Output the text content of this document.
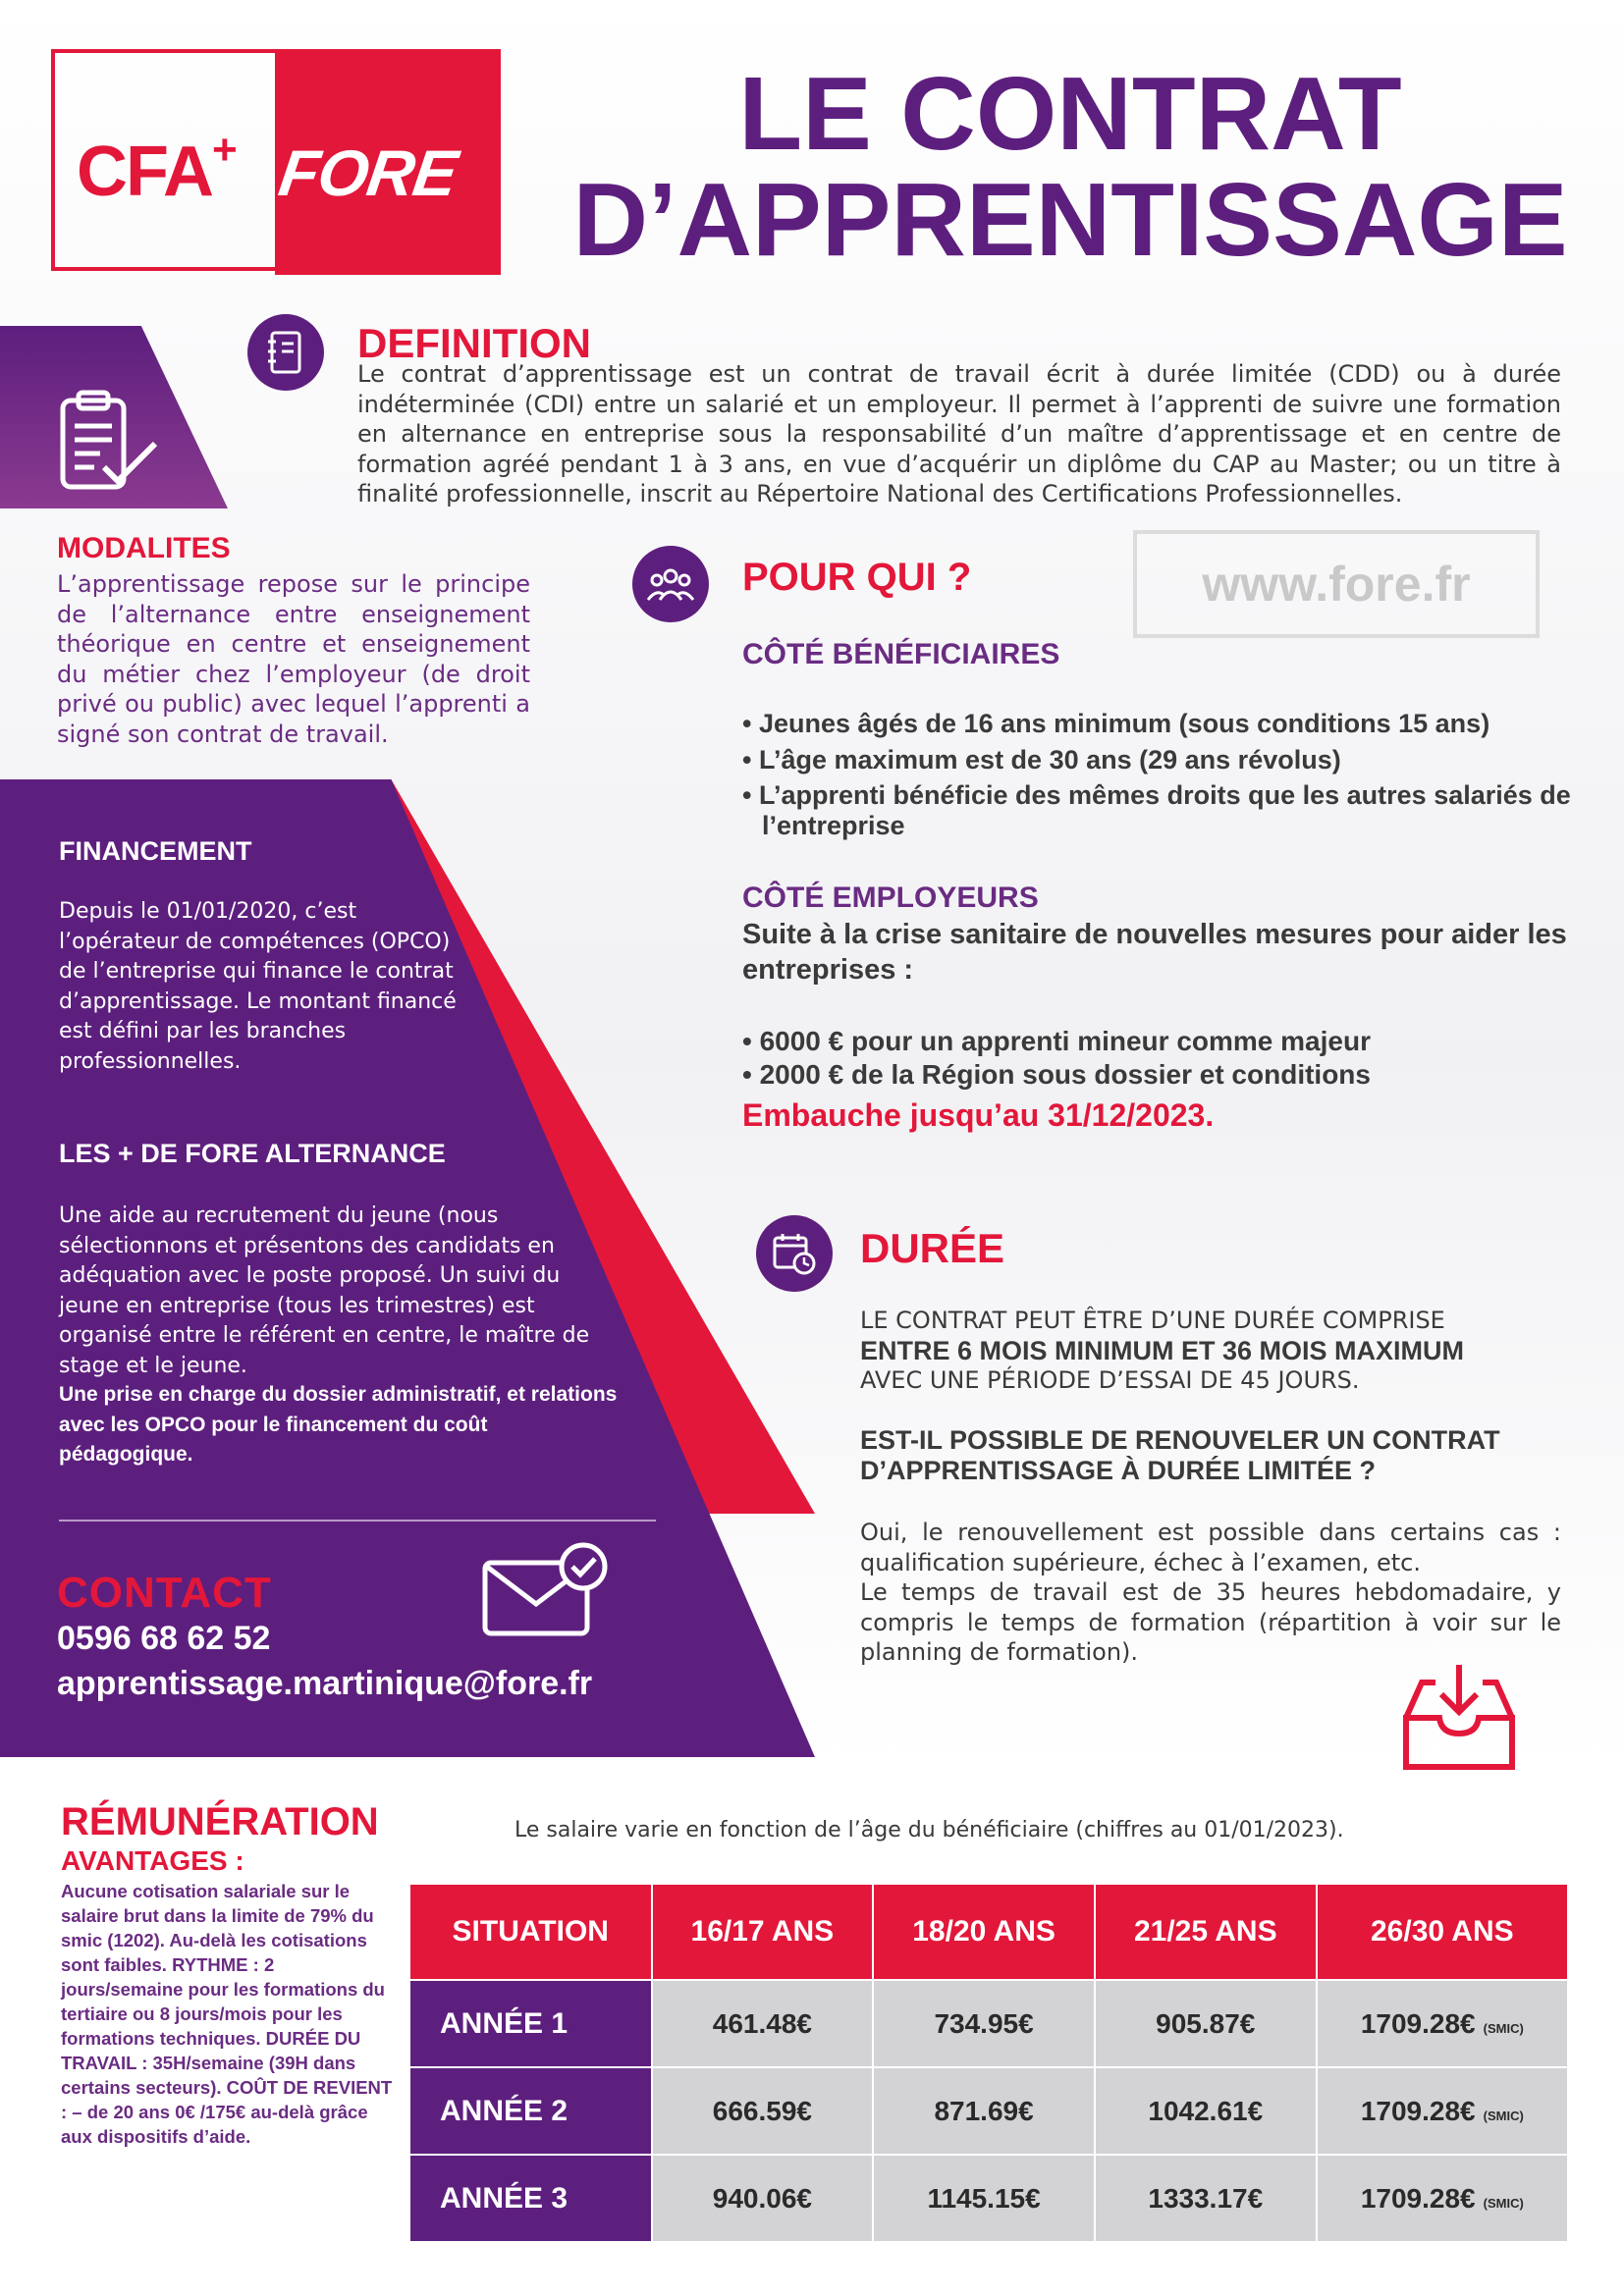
CFA+ FORE
LE CONTRAT
D’APPRENTISSAGE
MODALITES
L’apprentissage repose sur le principe de l’alternance entre enseignement théorique en centre et enseignement du métier chez l’employeur (de droit privé ou public) avec lequel l’apprenti a signé son contrat de travail.
FINANCEMENT
Depuis le 01/01/2020, c’est l’opérateur de compétences (OPCO) de l’entreprise qui finance le contrat d’apprentissage. Le montant financé est défini par les branches professionnelles.
LES + DE FORE ALTERNANCE
Une aide au recrutement du jeune (nous sélectionnons et présentons des candidats en adéquation avec le poste proposé. Un suivi du jeune en entreprise (tous les trimestres) est organisé entre le référent en centre, le maître de stage et le jeune.
Une prise en charge du dossier administratif, et relations avec les OPCO pour le financement du coût pédagogique.
CONTACT
0596 68 62 52
apprentissage.martinique@fore.fr
DEFINITION
Le contrat d’apprentissage est un contrat de travail écrit à durée limitée (CDD) ou à durée indéterminée (CDI) entre un salarié et un employeur. Il permet à l’apprenti de suivre une formation en alternance en entreprise sous la responsabilité d’un maître d’apprentissage et en centre de formation agréé pendant 1 à 3 ans, en vue d’acquérir un diplôme du CAP au Master; ou un titre à finalité professionnelle, inscrit au Répertoire National des Certifications Professionnelles.
POUR QUI ?	www.fore.fr
CÔTÉ BÉNÉFICIAIRES
• Jeunes âgés de 16 ans minimum (sous conditions 15 ans)
• L’âge maximum est de 30 ans (29 ans révolus)
• L’apprenti bénéficie des mêmes droits que les autres salariés de l’entreprise
CÔTÉ EMPLOYEURS
Suite à la crise sanitaire de nouvelles mesures pour aider les entreprises :
• 6000 € pour un apprenti mineur comme majeur
• 2000 € de la Région sous dossier et conditions
Embauche jusqu’au 31/12/2023.
DURÉE
LE CONTRAT PEUT ÊTRE D’UNE DURÉE COMPRISE
ENTRE 6 MOIS MINIMUM ET 36 MOIS MAXIMUM
AVEC UNE PÉRIODE D’ESSAI DE 45 JOURS.
EST-IL POSSIBLE DE RENOUVELER UN CONTRAT D’APPRENTISSAGE À DURÉE LIMITÉE ?
Oui, le renouvellement est possible dans certains cas : qualification supérieure, échec à l’examen, etc.
Le temps de travail est de 35 heures hebdomadaire, y compris le temps de formation (répartition à voir sur le planning de formation).
RÉMUNÉRATION
AVANTAGES :
Aucune cotisation salariale sur le salaire brut dans la limite de 79% du smic (1202). Au-delà les cotisations sont faibles. RYTHME : 2 jours/semaine pour les formations du tertiaire ou 8 jours/mois pour les formations techniques. DURÉE DU TRAVAIL : 35H/semaine (39H dans certains secteurs). COÛT DE REVIENT : – de 20 ans 0€ /175€ au-delà grâce aux dispositifs d’aide.
Le salaire varie en fonction de l’âge du bénéficiaire (chiffres au 01/01/2023).
SITUATION	16/17 ANS	18/20 ANS	21/25 ANS	26/30 ANS
ANNÉE 1	461.48€	734.95€	905.87€	1709.28€ (SMIC)
ANNÉE 2	666.59€	871.69€	1042.61€	1709.28€ (SMIC)
ANNÉE 3	940.06€	1145.15€	1333.17€	1709.28€ (SMIC)
